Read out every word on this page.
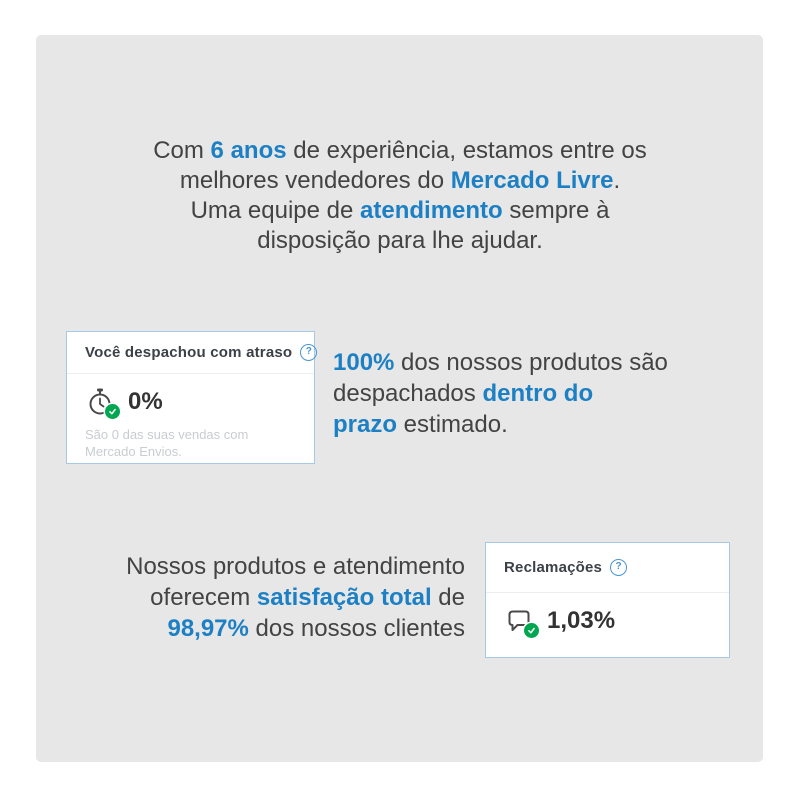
Com 6 anos de experiência, estamos entre os
melhores vendedores do Mercado Livre.
Uma equipe de atendimento sempre à
disposição para lhe ajudar.
Você despachou com atraso	?
0%
São 0 das suas vendas com Mercado Envios.
100% dos nossos produtos são
despachados dentro do
prazo estimado.
Nossos produtos e atendimento
oferecem satisfação total de
98,97% dos nossos clientes
Reclamações	?
1,03%
